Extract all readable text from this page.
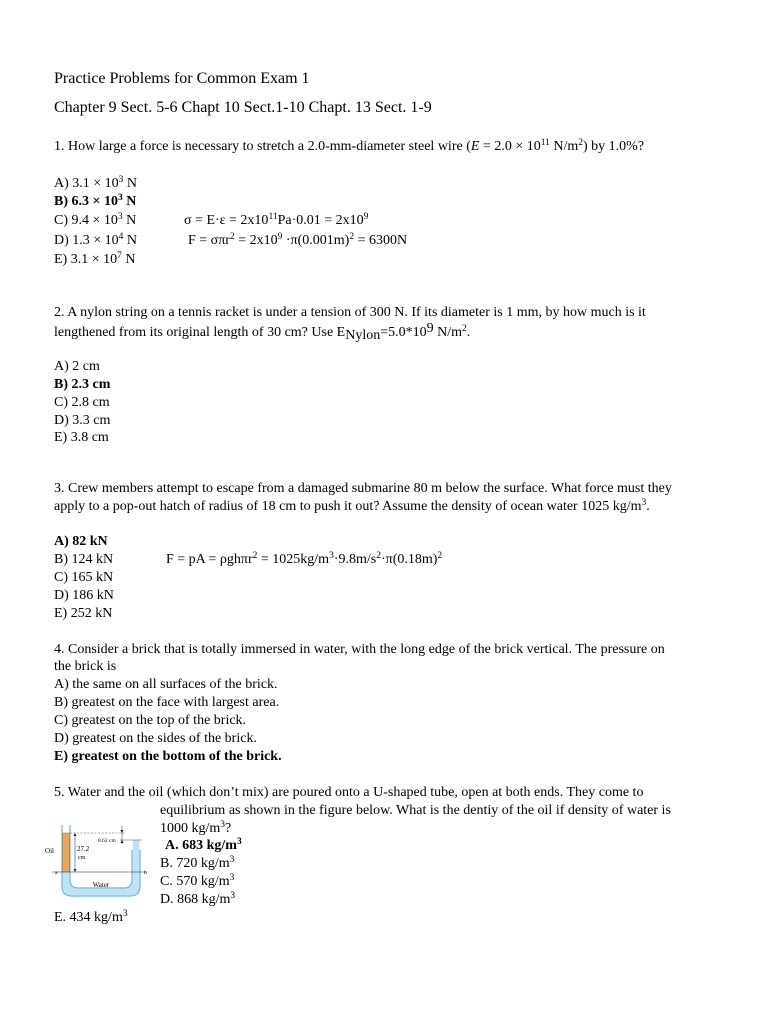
Practice Problems for Common Exam 1
Chapter 9 Sect. 5-6 Chapt 10 Sect.1-10 Chapt. 13 Sect. 1-9
1. How large a force is necessary to stretch a 2.0-mm-diameter steel wire ($E = 2.0 \times 10^{11}$ $N/m^2$) by 1.0%?
A) $3.1 \times 10^3$ N
B) $6.3 \times 10^3$ N
C) $9.4 \times 10^3$ N
D) $1.3 \times 10^4$ N
E) $3.1 \times 10^7$ N
$\sigma = E\cdot\varepsilon = 2x10^{11}Pa\cdot 0.01 = 2x10^9$
$F = \sigma\pi r^2 = 2x10^9 \cdot\pi(0.001m)^2 = 6300N$
2. A nylon string on a tennis racket is under a tension of 300 N. If its diameter is 1 mm, by how much is it
lengthened from its original length of 30 cm? Use ENylon=5.0*109 $N/m^2$.
A) 2 cm
B) 2.3 cm
C) 2.8 cm
D) 3.3 cm
E) 3.8 cm
3. Crew members attempt to escape from a damaged submarine 80 m below the surface. What force must they
apply to a pop-out hatch of radius of 18 cm to push it out? Assume the density of ocean water 1025 $kg/m^3$.
A) 82 kN
B) 124 kN
C) 165 kN
D) 186 kN
E) 252 kN
F = pA = $\rho gh\pi r^2 = 1025kg/m^3\cdot 9.8m/s^2\cdot\pi(0.18m)^2$
4. Consider a brick that is totally immersed in water, with the long edge of the brick vertical. The pressure on
the brick is
A) the same on all surfaces of the brick.
B) greatest on the face with largest area.
C) greatest on the top of the brick.
D) greatest on the sides of the brick.
E) greatest on the bottom of the brick.
5. Water and the oil (which don’t mix) are poured onto a U-shaped tube, open at both ends. They come to
equilibrium as shown in the figure below. What is the dentiy of the oil if density of water is
1000 $kg/m^3$?
A. 683 $kg/m^3$
B. 720 $kg/m^3$
C. 570 $kg/m^3$
D. 868 $kg/m^3$
E. 434 $kg/m^3$
Oil	27.2
cm
8.62 cm
Water
a	b
